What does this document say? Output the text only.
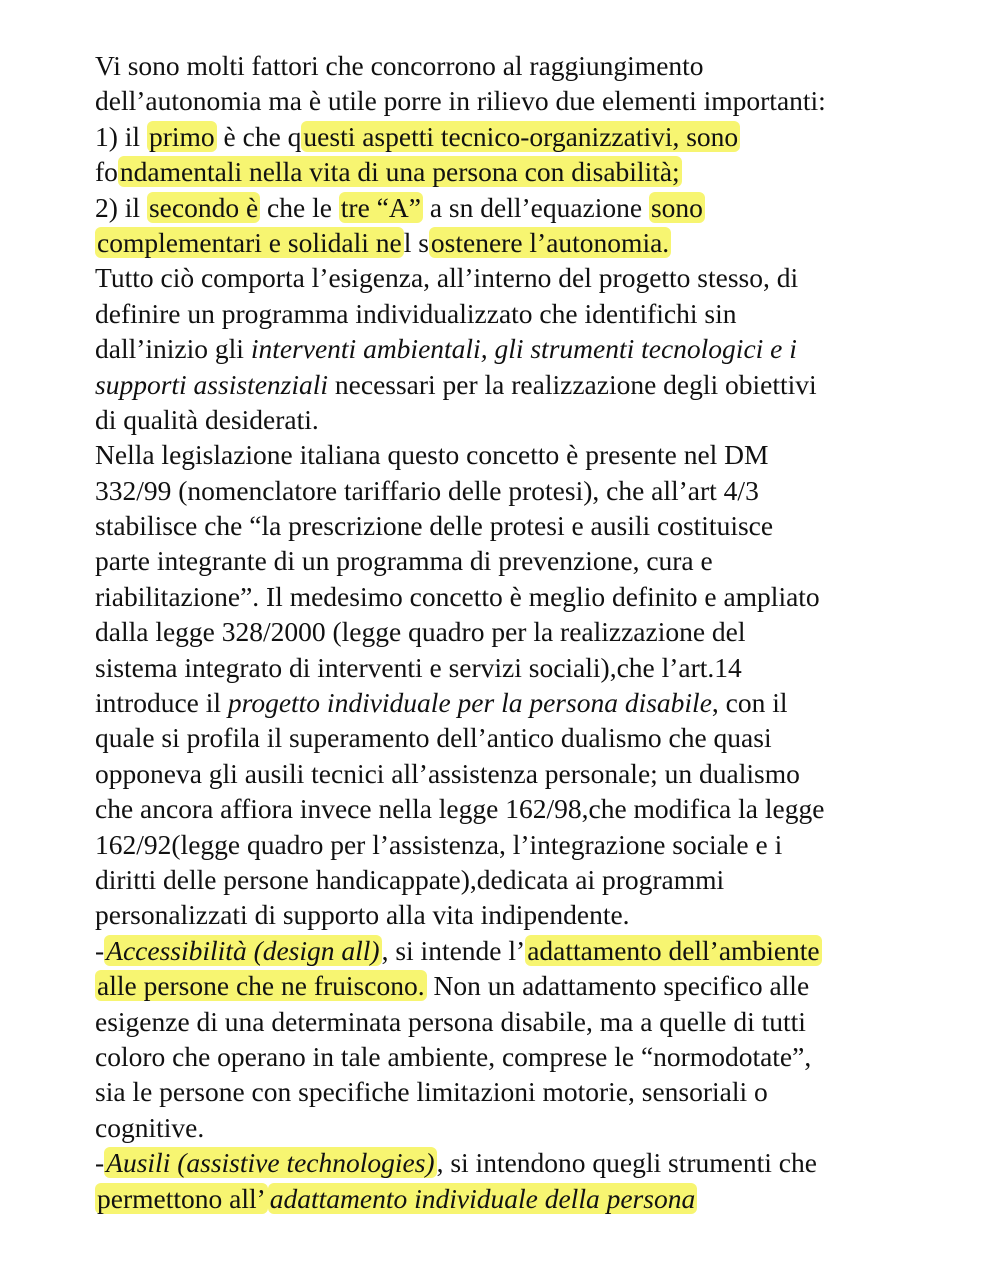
Vi sono molti fattori che concorrono al raggiungimento
dell’autonomia ma è utile porre in rilievo due elementi importanti:
1) il primo è che questi aspetti tecnico-organizzativi, sono
fondamentali nella vita di una persona con disabilità;
2) il secondo è che le tre “A” a sn dell’equazione sono
complementari e solidali nel sostenere l’autonomia.
Tutto ciò comporta l’esigenza, all’interno del progetto stesso, di
definire un programma individualizzato che identifichi sin
dall’inizio gli interventi ambientali, gli strumenti tecnologici e i
supporti assistenziali necessari per la realizzazione degli obiettivi
di qualità desiderati.
Nella legislazione italiana questo concetto è presente nel DM
332/99 (nomenclatore tariffario delle protesi), che all’art 4/3
stabilisce che “la prescrizione delle protesi e ausili costituisce
parte integrante di un programma di prevenzione, cura e
riabilitazione”. Il medesimo concetto è meglio definito e ampliato
dalla legge 328/2000 (legge quadro per la realizzazione del
sistema integrato di interventi e servizi sociali),che l’art.14
introduce il progetto individuale per la persona disabile, con il
quale si profila il superamento dell’antico dualismo che quasi
opponeva gli ausili tecnici all’assistenza personale; un dualismo
che ancora affiora invece nella legge 162/98,che modifica la legge
162/92(legge quadro per l’assistenza, l’integrazione sociale e i
diritti delle persone handicappate),dedicata ai programmi
personalizzati di supporto alla vita indipendente.
-Accessibilità (design all), si intende l’adattamento dell’ambiente
alle persone che ne fruiscono. Non un adattamento specifico alle
esigenze di una determinata persona disabile, ma a quelle di tutti
coloro che operano in tale ambiente, comprese le “normodotate”,
sia le persone con specifiche limitazioni motorie, sensoriali o
cognitive.
-Ausili (assistive technologies), si intendono quegli strumenti che
permettono all’ adattamento individuale della persona
